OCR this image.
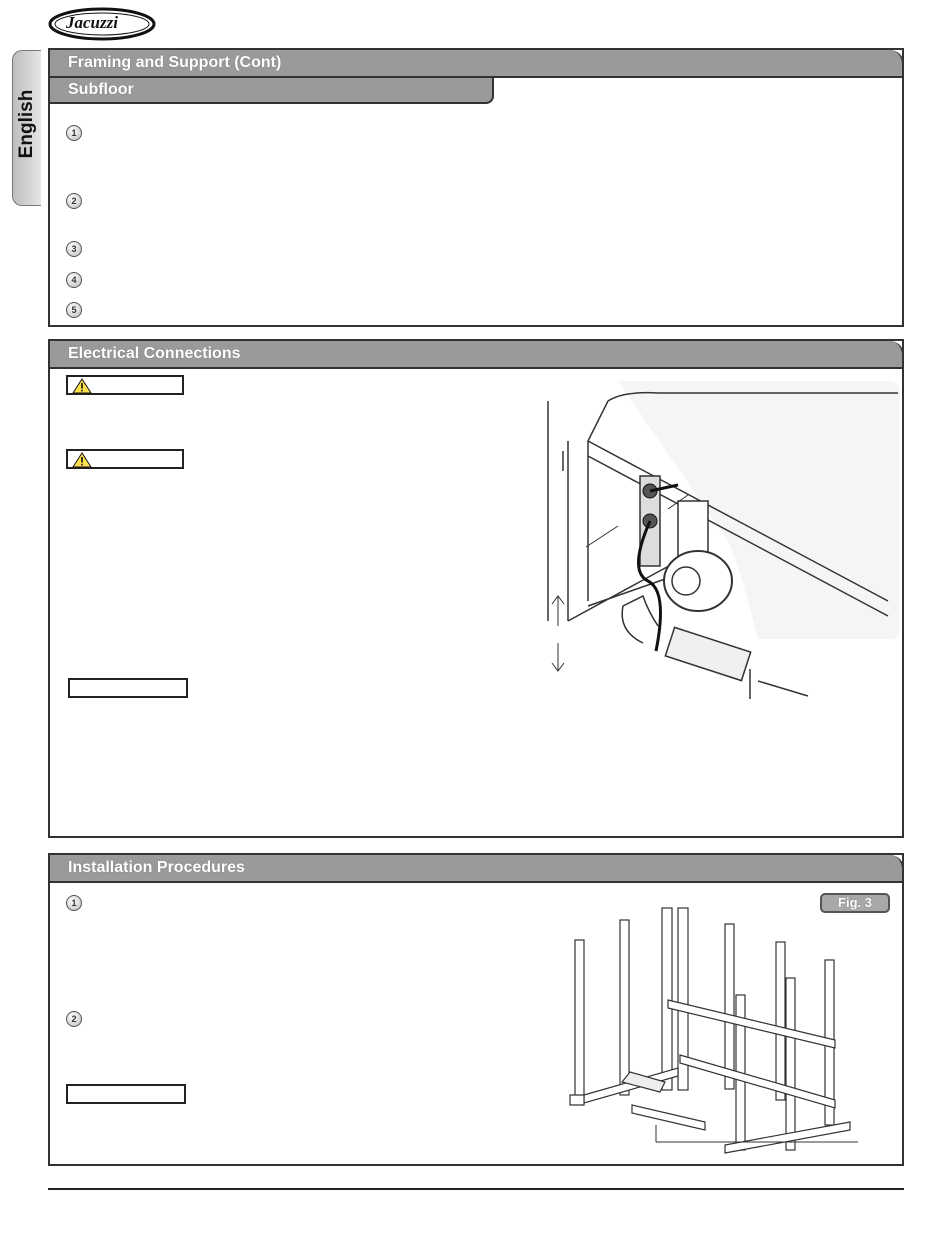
Jacuzzi
English
Framing and Support (Cont)
Subfloor
1
2
3
4
5
Electrical Connections
Installation Procedures
1
2
Fig. 3
